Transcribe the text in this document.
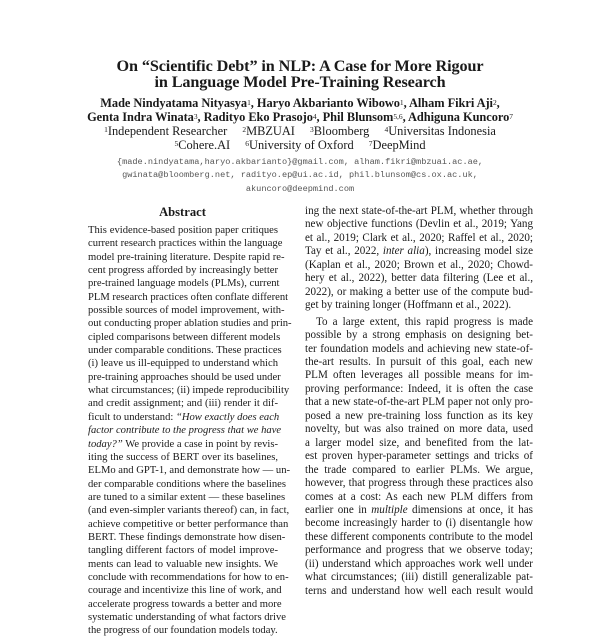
On “Scientific Debt” in NLP: A Case for More Rigour
in Language Model Pre-Training Research
Made Nindyatama Nityasya$^1$, Haryo Akbarianto Wibowo$^1$, Alham Fikri Aji$^2$,
Genta Indra Winata$^3$, Radityo Eko Prasojo$^4$, Phil Blunsom$^{5,6}$, Adhiguna Kuncoro$^7$
$^1$Independent Researcher $^2$MBZUAI $^3$Bloomberg $^4$Universitas Indonesia
$^5$Cohere.AI $^6$University of Oxford $^7$DeepMind
{made.nindyatama,haryo.akbarianto}@gmail.com, alham.fikri@mbzuai.ac.ae,
gwinata@bloomberg.net, radityo.ep@ui.ac.id, phil.blunsom@cs.ox.ac.uk,
akuncoro@deepmind.com
Abstract
This evidence-based position paper critiques
current research practices within the language
model pre-training literature. Despite rapid re-
cent progress afforded by increasingly better
pre-trained language models (PLMs), current
PLM research practices often conflate different
possible sources of model improvement, with-
out conducting proper ablation studies and prin-
cipled comparisons between different models
under comparable conditions. These practices
(i) leave us ill-equipped to understand which
pre-training approaches should be used under
what circumstances; (ii) impede reproducibility
and credit assignment; and (iii) render it dif-
ficult to understand: “How exactly does each
factor contribute to the progress that we have
today?” We provide a case in point by revis-
iting the success of BERT over its baselines,
ELMo and GPT-1, and demonstrate how — un-
der comparable conditions where the baselines
are tuned to a similar extent — these baselines
(and even-simpler variants thereof) can, in fact,
achieve competitive or better performance than
BERT. These findings demonstrate how disen-
tangling different factors of model improve-
ments can lead to valuable new insights. We
conclude with recommendations for how to en-
courage and incentivize this line of work, and
accelerate progress towards a better and more
systematic understanding of what factors drive
the progress of our foundation models today.
ing the next state-of-the-art PLM, whether through
new objective functions (Devlin et al., 2019; Yang
et al., 2019; Clark et al., 2020; Raffel et al., 2020;
Tay et al., 2022, inter alia), increasing model size
(Kaplan et al., 2020; Brown et al., 2020; Chowd-
hery et al., 2022), better data filtering (Lee et al.,
2022), or making a better use of the compute bud-
get by training longer (Hoffmann et al., 2022).
To a large extent, this rapid progress is made
possible by a strong emphasis on designing bet-
ter foundation models and achieving new state-of-
the-art results. In pursuit of this goal, each new
PLM often leverages all possible means for im-
proving performance: Indeed, it is often the case
that a new state-of-the-art PLM paper not only pro-
posed a new pre-training loss function as its key
novelty, but was also trained on more data, used
a larger model size, and benefited from the lat-
est proven hyper-parameter settings and tricks of
the trade compared to earlier PLMs. We argue,
however, that progress through these practices also
comes at a cost: As each new PLM differs from
earlier one in multiple dimensions at once, it has
become increasingly harder to (i) disentangle how
these different components contribute to the model
performance and progress that we observe today;
(ii) understand which approaches work well under
what circumstances; (iii) distill generalizable pat-
terns and understand how well each result would
